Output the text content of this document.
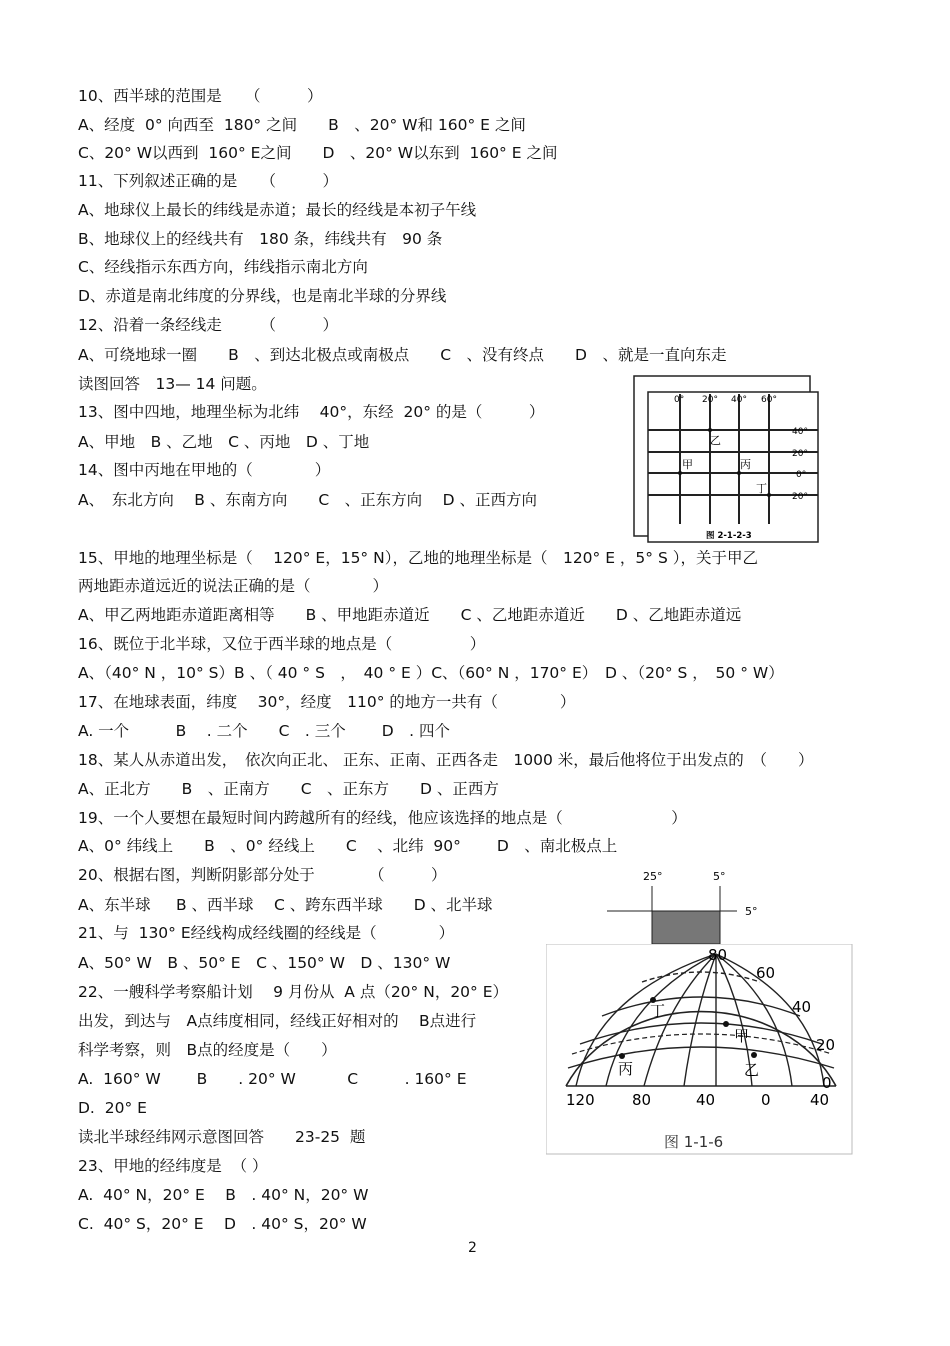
10、西半球的范围是　　（　　　）
A、经度  0° 向西至  180° 之间　　B　、20° W和 160° E 之间
C、20° W以西到  160° E之间　　D　、20° W以东到  160° E 之间
11、下列叙述正确的是　　（　　　）
A、地球仪上最长的纬线是赤道；最长的经线是本初子午线
B、地球仪上的经线共有　180 条，纬线共有　90 条
C、经线指示东西方向，纬线指示南北方向
D、赤道是南北纬度的分界线，也是南北半球的分界线
12、沿着一条经线走　　　（　　　）
A、可绕地球一圈　　B　、到达北极点或南极点　　C　、没有终点　　D　、就是一直向东走
读图回答　13— 14 问题。
13、图中四地，地理坐标为北纬　 40°，东经  20° 的是（　　　）
A、甲地　B 、乙地　C 、丙地　D 、丁地
14、图中丙地在甲地的（　　　　）
A、　东北方向　 B 、东南方向　　C　、正东方向　 D 、正西方向
15、甲地的地理坐标是（　 120° E，15° N），乙地的地理坐标是（　120° E ，5° S ），关于甲乙
两地距赤道远近的说法正确的是（　　　　）
A、甲乙两地距赤道距离相等　　B 、甲地距赤道近　　C 、乙地距赤道近　　D 、乙地距赤道远
16、既位于北半球，又位于西半球的地点是（　　　　　）
A、（40° N ，10° S）B 、（ 40 ° S　，　40 ° E ）C、（60° N ，170° E）　D 、（20° S ，　50 ° W）
17、在地球表面，纬度　 30°，经度　110° 的地方一共有（　　　　）
A. 一个　　　B　 . 二个　　C　. 三个　　 D　. 四个
18、某人从赤道出发，　依次向正北、 正东、正南、正西各走　1000 米，最后他将位于出发点的　（　　）
A、正北方　　B　、正南方　　C　、正东方　　D 、正西方
19、一个人要想在最短时间内跨越所有的经线，他应该选择的地点是（　　　　　　　）
A、0° 纬线上　　B　、0° 经线上　　C　 、北纬  90°　　 D　、南北极点上
20、根据右图，判断阴影部分处于　　　　（　　　）
A、东半球　  B 、西半球　 C 、跨东西半球　　D 、北半球
21、与  130° E经线构成经线圈的经线是（　　　　）
A、50° W　B 、50° E　C 、150° W　D 、130° W
22、一艘科学考察船计划　 9 月份从  A 点（20° N，20° E）
出发，到达与　A点纬度相同，经线正好相对的　 B点进行
科学考察，则　B点的经度是（　　）
A.  160° W　　 B　　. 20° W　　　 C　　　. 160° E
D.  20° E
读北半球经纬网示意图回答　　23-25  题
23、甲地的经纬度是  （ ）
A.  40° N，20° E　 B　. 40° N，20° W
C.  40° S，20° E　 D　. 40° S，20° W
0° 20° 40° 60°
40°
20°
0°
20°
乙
甲	丙
丁
图 2-1-2-3
25°	5°
5°
丁
甲
丙	乙
80
60
40
20
0
120 80	40	0	40
图 1-1-6
2
